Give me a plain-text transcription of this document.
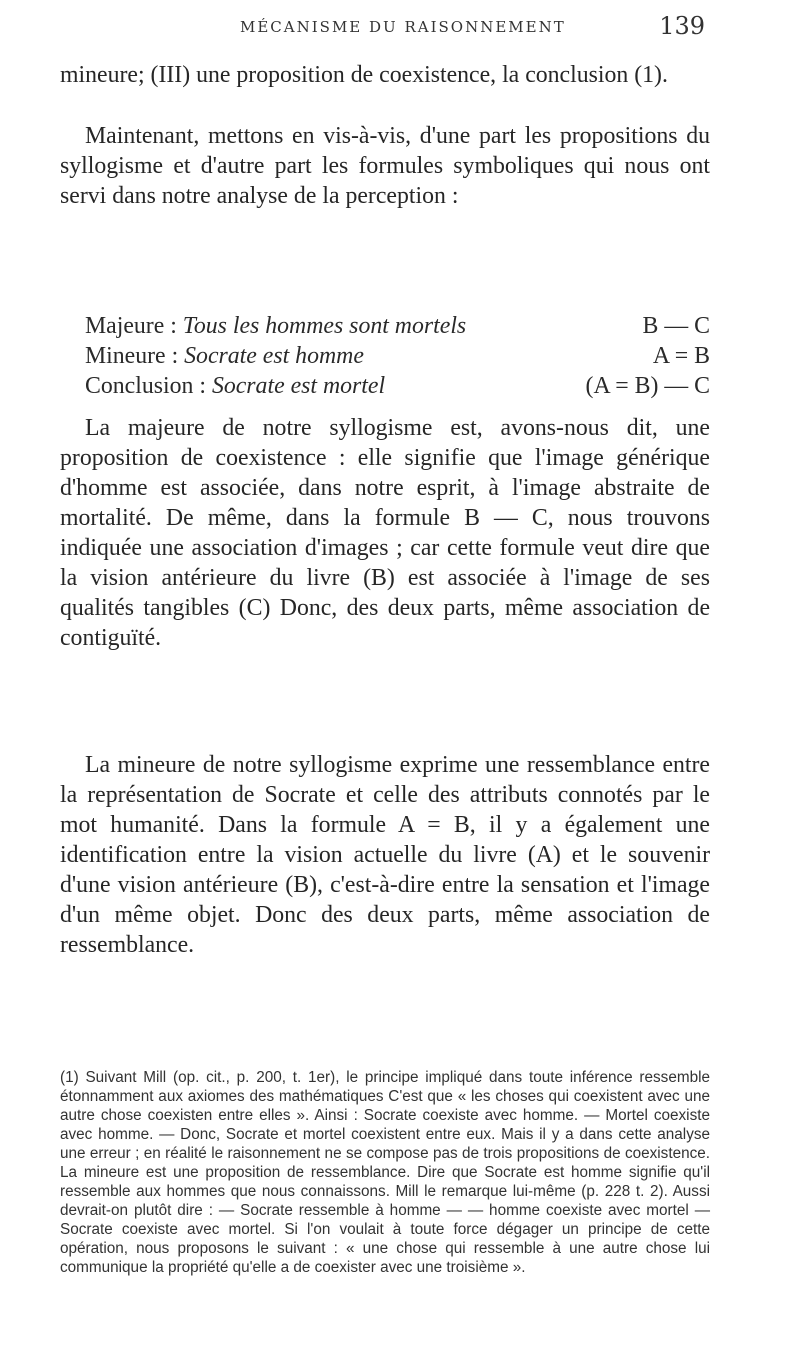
MÉCANISME DU RAISONNEMENT	139

mineure; (III) une proposition de coexistence, la conclusion (1).

Maintenant, mettons en vis-à-vis, d'une part les propositions du syllogisme et d'autre part les formules symboliques qui nous ont servi dans notre analyse de la perception :

Majeure : Tous les hommes sont mortels	B — C
Mineure : Socrate est homme	A = B
Conclusion : Socrate est mortel	(A = B) — C

La majeure de notre syllogisme est, avons-nous dit, une proposition de coexistence : elle signifie que l'image générique d'homme est associée, dans notre esprit, à l'image abstraite de mortalité. De même, dans la formule B — C, nous trouvons indiquée une association d'images ; car cette formule veut dire que la vision antérieure du livre (B) est associée à l'image de ses qualités tangibles (C) Donc, des deux parts, même association de contiguïté.

La mineure de notre syllogisme exprime une ressemblance entre la représentation de Socrate et celle des attributs connotés par le mot humanité. Dans la formule A = B, il y a également une identification entre la vision actuelle du livre (A) et le souvenir d'une vision antérieure (B), c'est-à-dire entre la sensation et l'image d'un même objet. Donc des deux parts, même association de ressemblance.

(1) Suivant Mill (op. cit., p. 200, t. 1er), le principe impliqué dans toute inférence ressemble étonnamment aux axiomes des mathématiques C'est que « les choses qui coexistent avec une autre chose coexisten entre elles ». Ainsi : Socrate coexiste avec homme. — Mortel coexiste avec homme. — Donc, Socrate et mortel coexistent entre eux. Mais il y a dans cette analyse une erreur ; en réalité le raisonnement ne se compose pas de trois propositions de coexistence. La mineure est une proposition de ressemblance. Dire que Socrate est homme signifie qu'il ressemble aux hommes que nous connaissons. Mill le remarque lui-même (p. 228 t. 2). Aussi devrait-on plutôt dire : — Socrate ressemble à homme — — homme coexiste avec mortel — Socrate coexiste avec mortel. Si l'on voulait à toute force dégager un principe de cette opération, nous proposons le suivant : « une chose qui ressemble à une autre chose lui communique la propriété qu'elle a de coexister avec une troisième ».
